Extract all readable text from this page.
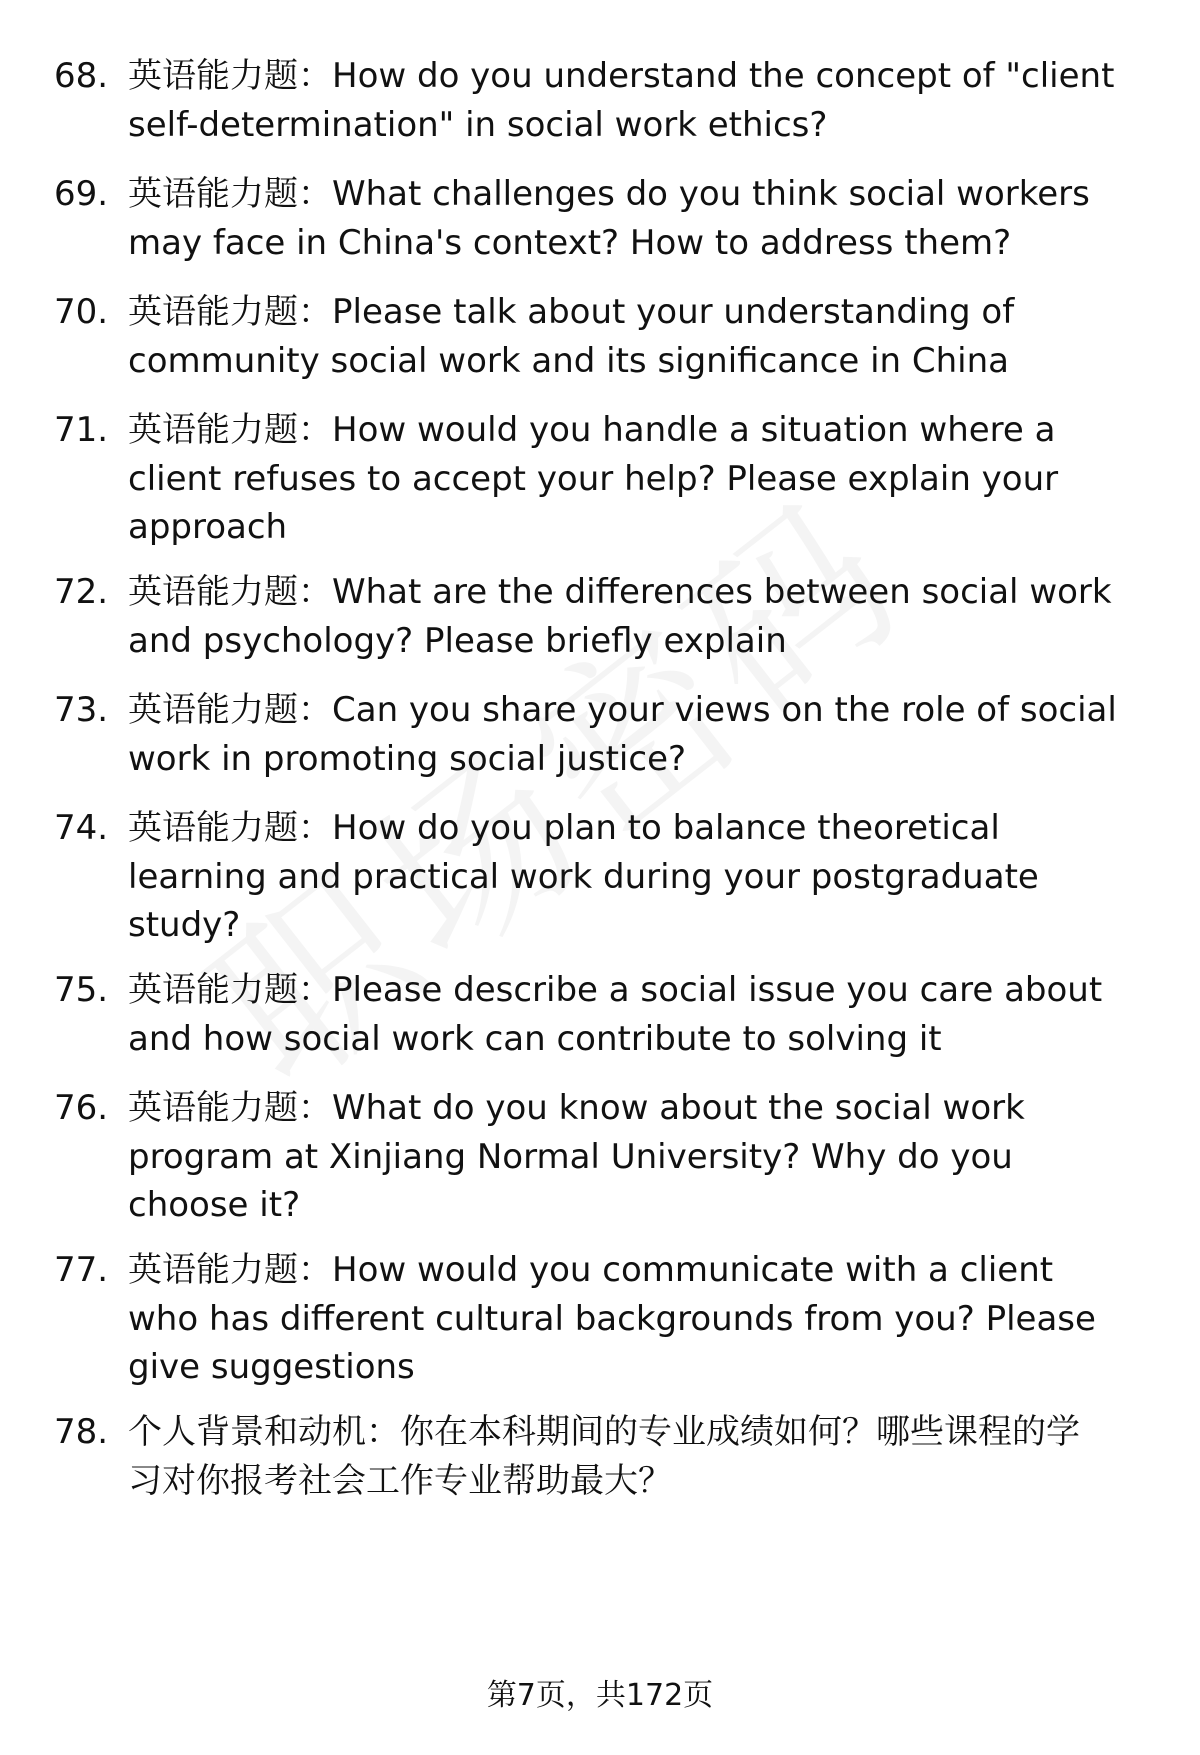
68. 英语能力题：How do you understand the concept of "client
self-determination" in social work ethics?
69. 英语能力题：What challenges do you think social workers
may face in China's context? How to address them?
70. 英语能力题：Please talk about your understanding of
community social work and its significance in China
71. 英语能力题：How would you handle a situation where a
client refuses to accept your help? Please explain your
approach
72. 英语能力题：What are the differences between social work
and psychology? Please briefly explain
73. 英语能力题：Can you share your views on the role of social
work in promoting social justice?
74. 英语能力题：How do you plan to balance theoretical
learning and practical work during your postgraduate
study?
75. 英语能力题：Please describe a social issue you care about
and how social work can contribute to solving it
76. 英语能力题：What do you know about the social work
program at Xinjiang Normal University? Why do you
choose it?
77. 英语能力题：How would you communicate with a client
who has different cultural backgrounds from you? Please
give suggestions
78. 个人背景和动机：你在本科期间的专业成绩如何？哪些课程的学
习对你报考社会工作专业帮助最大？
第7页，共172页
